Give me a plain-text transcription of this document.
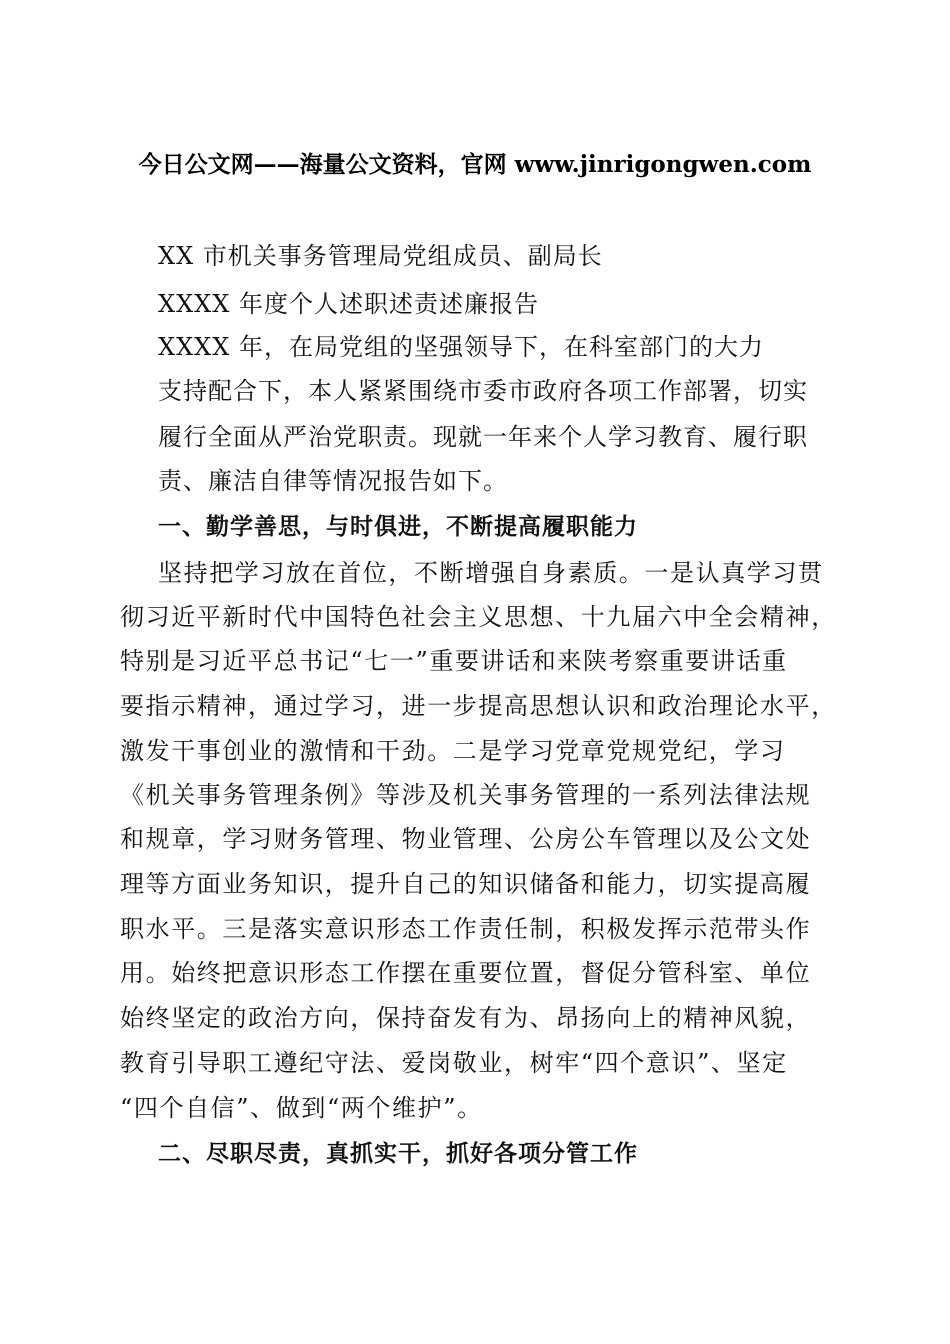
今日公文网——海量公文资料，官网 www.jinrigongwen.com
XX 市机关事务管理局党组成员、副局长
XXXX 年度个人述职述责述廉报告
XXXX 年，在局党组的坚强领导下，在科室部门的大力
支持配合下，本人紧紧围绕市委市政府各项工作部署，切实
履行全面从严治党职责。现就一年来个人学习教育、履行职
责、廉洁自律等情况报告如下。
一、勤学善思，与时俱进，不断提高履职能力
坚持把学习放在首位，不断增强自身素质。一是认真学习贯
彻习近平新时代中国特色社会主义思想、十九届六中全会精神，
特别是习近平总书记“七一”重要讲话和来陕考察重要讲话重
要指示精神，通过学习，进一步提高思想认识和政治理论水平，
激发干事创业的激情和干劲。二是学习党章党规党纪，学习
《机关事务管理条例》等涉及机关事务管理的一系列法律法规
和规章，学习财务管理、物业管理、公房公车管理以及公文处
理等方面业务知识，提升自己的知识储备和能力，切实提高履
职水平。三是落实意识形态工作责任制，积极发挥示范带头作
用。始终把意识形态工作摆在重要位置，督促分管科室、单位
始终坚定的政治方向，保持奋发有为、昂扬向上的精神风貌，
教育引导职工遵纪守法、爱岗敬业，树牢“四个意识”、坚定
“四个自信”、做到“两个维护”。
二、尽职尽责，真抓实干，抓好各项分管工作
